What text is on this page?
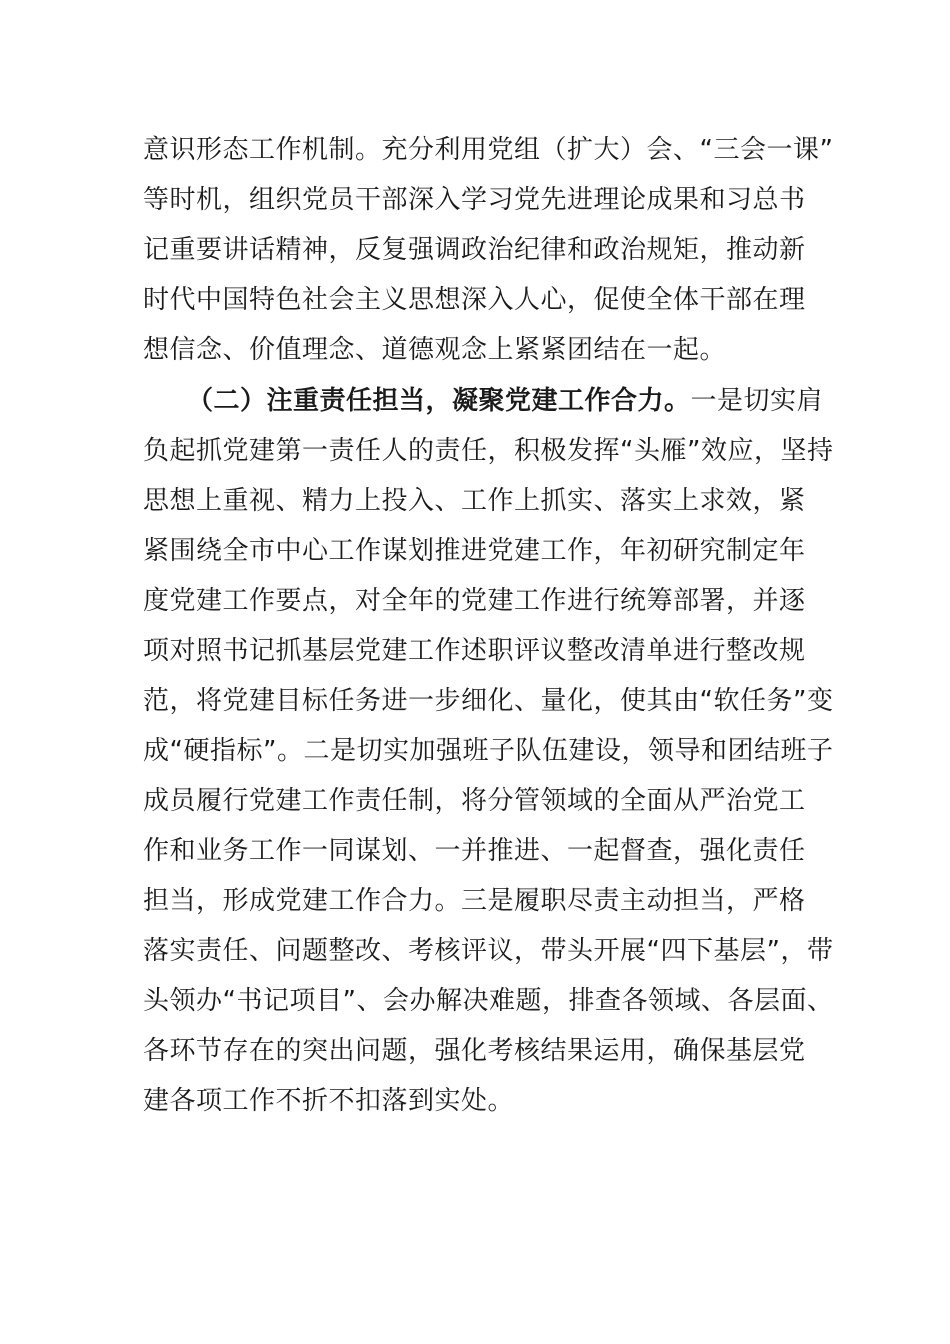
意识形态工作机制。充分利用党组（扩大）会、“三会一课”
等时机，组织党员干部深入学习党先进理论成果和习总书
记重要讲话精神，反复强调政治纪律和政治规矩，推动新
时代中国特色社会主义思想深入人心，促使全体干部在理
想信念、价值理念、道德观念上紧紧团结在一起。
（二）注重责任担当，凝聚党建工作合力。一是切实肩
负起抓党建第一责任人的责任，积极发挥“头雁”效应，坚持
思想上重视、精力上投入、工作上抓实、落实上求效，紧
紧围绕全市中心工作谋划推进党建工作，年初研究制定年
度党建工作要点，对全年的党建工作进行统筹部署，并逐
项对照书记抓基层党建工作述职评议整改清单进行整改规
范，将党建目标任务进一步细化、量化，使其由“软任务”变
成“硬指标”。二是切实加强班子队伍建设，领导和团结班子
成员履行党建工作责任制，将分管领域的全面从严治党工
作和业务工作一同谋划、一并推进、一起督查，强化责任
担当，形成党建工作合力。三是履职尽责主动担当，严格
落实责任、问题整改、考核评议，带头开展“四下基层”，带
头领办“书记项目”、会办解决难题，排查各领域、各层面、
各环节存在的突出问题，强化考核结果运用，确保基层党
建各项工作不折不扣落到实处。
